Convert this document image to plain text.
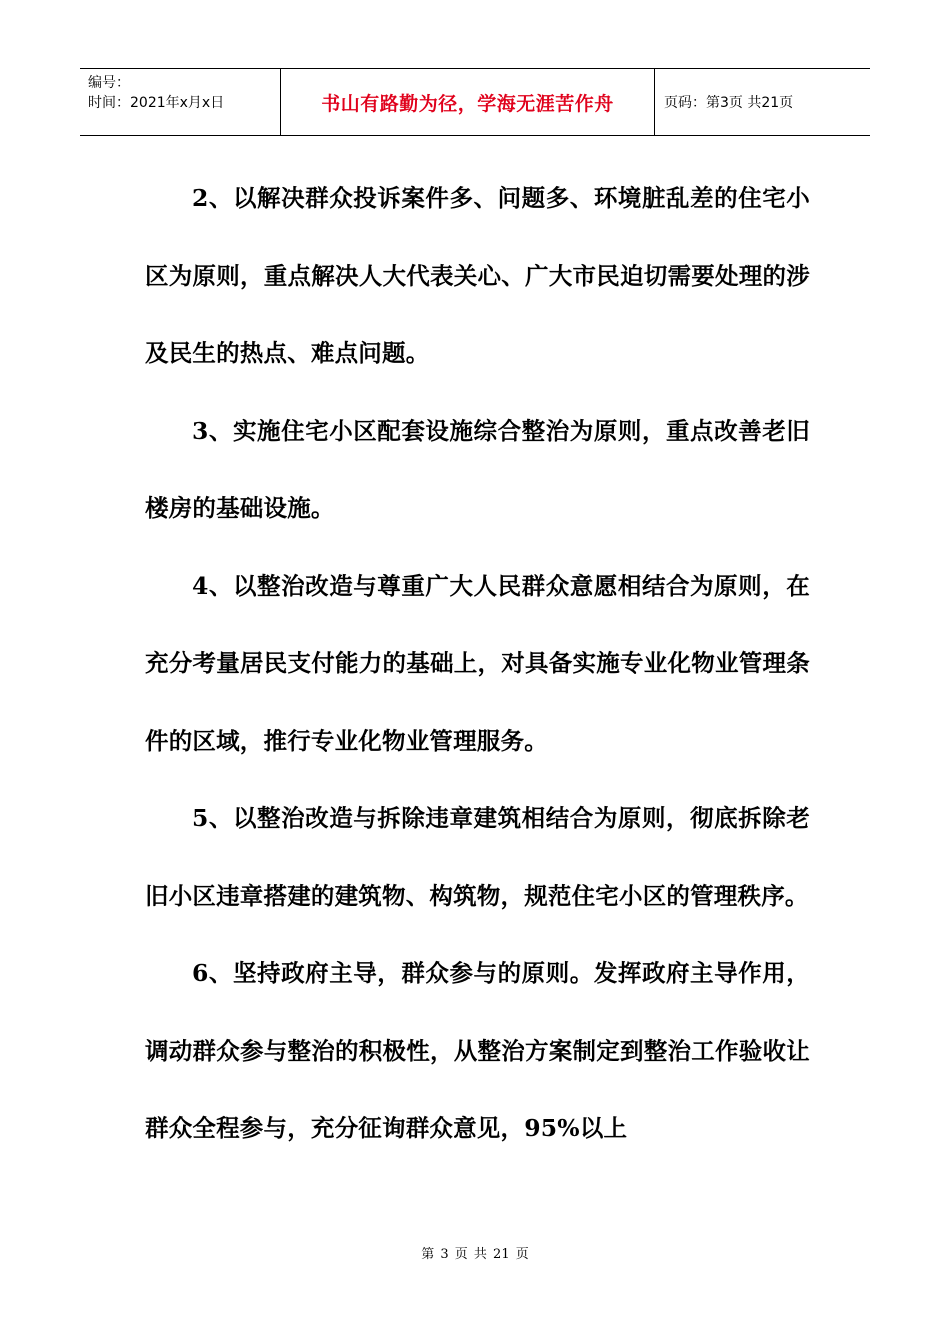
编号：
时间：2021年x月x日	书山有路勤为径，学海无涯苦作舟	页码：第3页 共21页

2、以解决群众投诉案件多、问题多、环境脏乱差的住宅小区为原则，重点解决人大代表关心、广大市民迫切需要处理的涉及民生的热点、难点问题。

3、实施住宅小区配套设施综合整治为原则，重点改善老旧楼房的基础设施。

4、以整治改造与尊重广大人民群众意愿相结合为原则，在充分考量居民支付能力的基础上，对具备实施专业化物业管理条件的区域，推行专业化物业管理服务。

5、以整治改造与拆除违章建筑相结合为原则，彻底拆除老旧小区违章搭建的建筑物、构筑物，规范住宅小区的管理秩序。

6、坚持政府主导，群众参与的原则。发挥政府主导作用，调动群众参与整治的积极性，从整治方案制定到整治工作验收让群众全程参与，充分征询群众意见，95%以上

第 3 页 共 21 页
